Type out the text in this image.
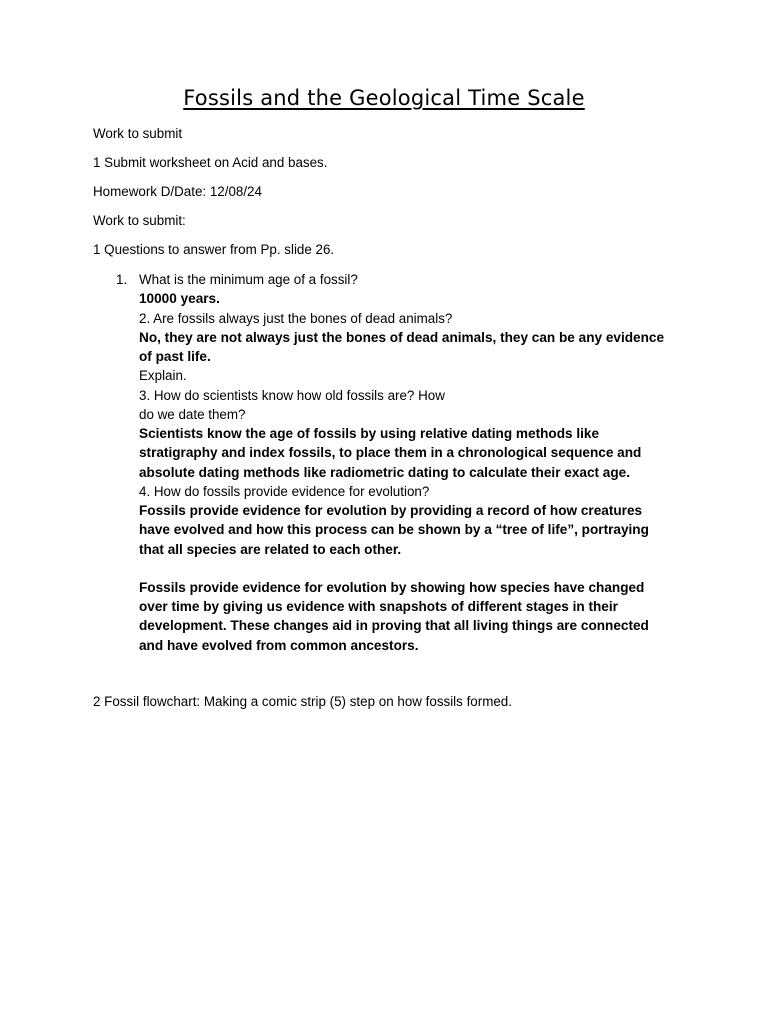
Fossils and the Geological Time Scale
Work to submit
1 Submit worksheet on Acid and bases.
Homework D/Date: 12/08/24
Work to submit:
1 Questions to answer from Pp. slide 26.
1. What is the minimum age of a fossil?
10000 years.
2. Are fossils always just the bones of dead animals?
No, they are not always just the bones of dead animals, they can be any evidence of past life.
Explain.
3. How do scientists know how old fossils are? How
do we date them?
Scientists know the age of fossils by using relative dating methods like stratigraphy and index fossils, to place them in a chronological sequence and absolute dating methods like radiometric dating to calculate their exact age.
4. How do fossils provide evidence for evolution?
Fossils provide evidence for evolution by providing a record of how creatures have evolved and how this process can be shown by a “tree of life”, portraying that all species are related to each other.
Fossils provide evidence for evolution by showing how species have changed over time by giving us evidence with snapshots of different stages in their development. These changes aid in proving that all living things are connected and have evolved from common ancestors.
2 Fossil flowchart: Making a comic strip (5) step on how fossils formed.
